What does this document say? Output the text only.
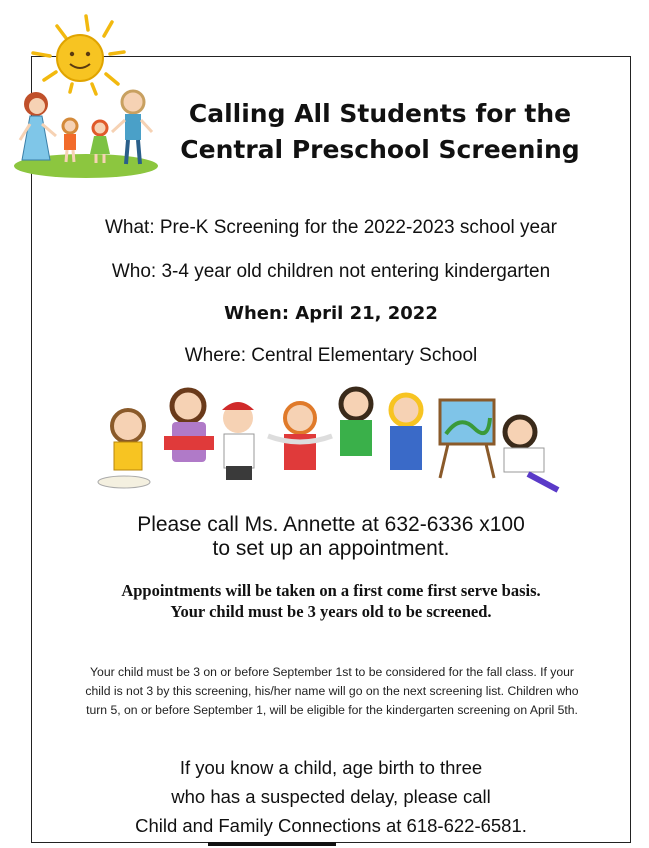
Calling All Students for the
Central Preschool Screening
What: Pre-K Screening for the 2022-2023 school year
Who: 3-4 year old children not entering kindergarten
When: April 21, 2022
Where: Central Elementary School
Please call Ms. Annette at 632-6336 x100
to set up an appointment.
Appointments will be taken on a first come first serve basis.
Your child must be 3 years old to be screened.
Your child must be 3 on or before September 1st to be considered for the fall class. If your
child is not 3 by this screening, his/her name will go on the next screening list. Children who
turn 5, on or before September 1, will be eligible for the kindergarten screening on April 5th.
If you know a child, age birth to three
who has a suspected delay, please call
Child and Family Connections at 618-622-6581.
